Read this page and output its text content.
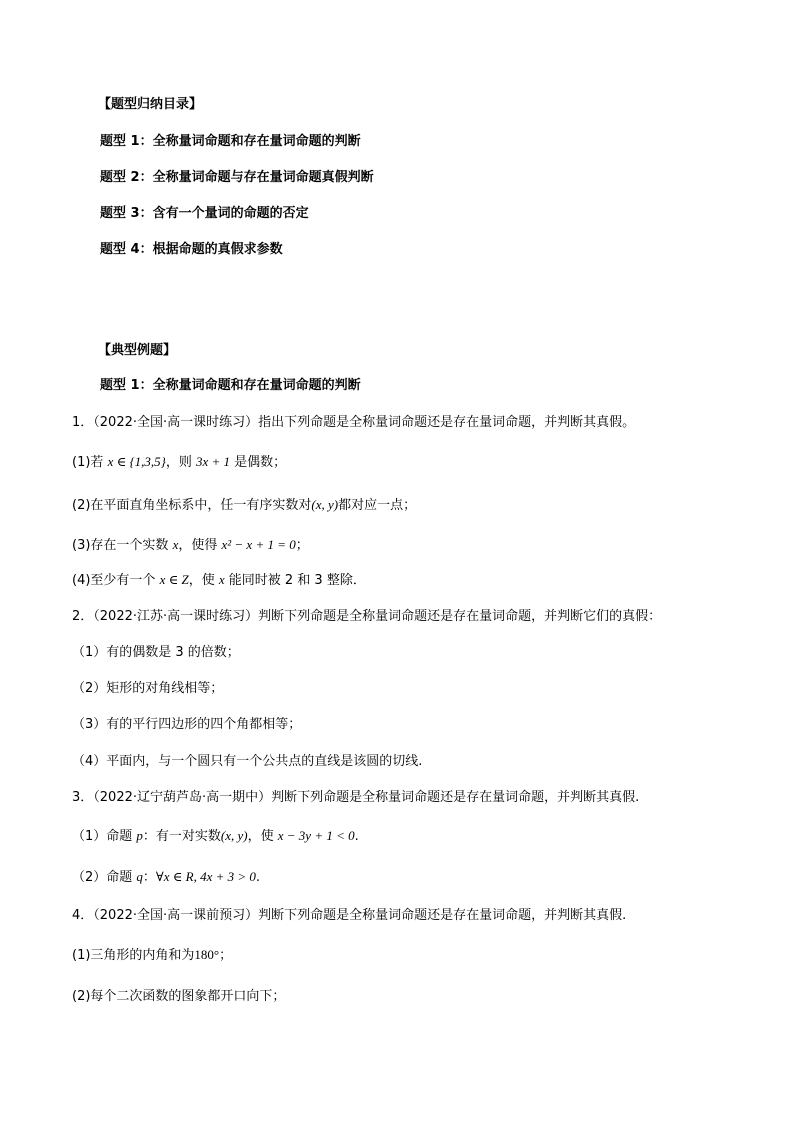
【题型归纳目录】
题型 1：全称量词命题和存在量词命题的判断
题型 2：全称量词命题与存在量词命题真假判断
题型 3：含有一个量词的命题的否定
题型 4：根据命题的真假求参数
【典型例题】
题型 1：全称量词命题和存在量词命题的判断
1．（2022·全国·高一课时练习）指出下列命题是全称量词命题还是存在量词命题，并判断其真假。
(1)若 x ∈ {1,3,5}，则 3x + 1 是偶数；
(2)在平面直角坐标系中，任一有序实数对(x, y)都对应一点；
(3)存在一个实数 x，使得 x² − x + 1 = 0；
(4)至少有一个 x ∈ Z，使 x 能同时被 2 和 3 整除．
2．（2022·江苏·高一课时练习）判断下列命题是全称量词命题还是存在量词命题，并判断它们的真假：
（1）有的偶数是 3 的倍数；
（2）矩形的对角线相等；
（3）有的平行四边形的四个角都相等；
（4）平面内，与一个圆只有一个公共点的直线是该圆的切线.
3．（2022·辽宁葫芦岛·高一期中）判断下列命题是全称量词命题还是存在量词命题，并判断其真假.
（1）命题 p：有一对实数(x, y)，使 x − 3y + 1 < 0.
（2）命题 q：∀x ∈ R, 4x + 3 > 0.
4．（2022·全国·高一课前预习）判断下列命题是全称量词命题还是存在量词命题，并判断其真假.
(1)三角形的内角和为180°；
(2)每个二次函数的图象都开口向下；
